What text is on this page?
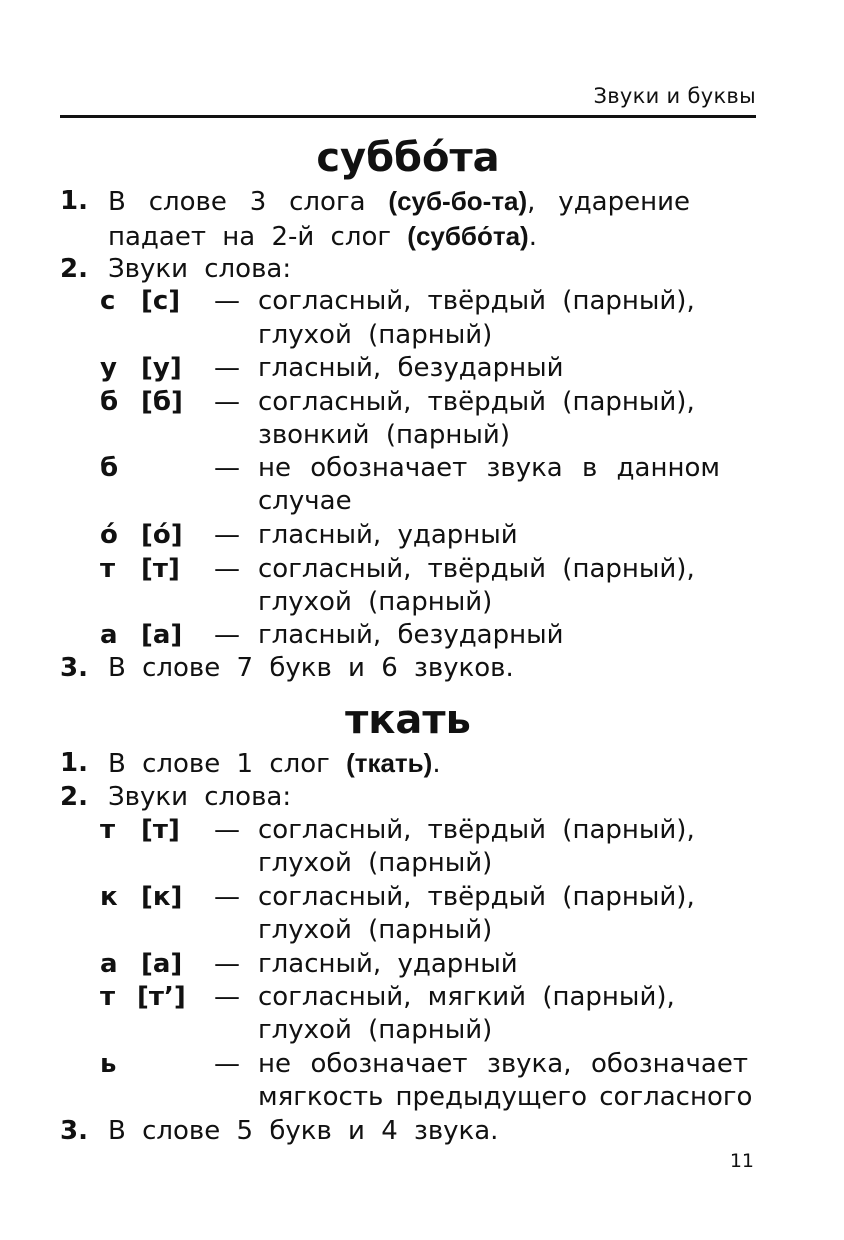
Звуки и буквы
суббо́та
1. В слове 3 слога (суб-бо-та), ударение
падает на 2-й слог (суббо́та).
2. Звуки слова:
с [с] — согласный, твёрдый (парный),
глухой (парный)
у [у] — гласный, безударный
б [б] — согласный, твёрдый (парный),
звонкий (парный)
б	— не обозначает звука в данном
случае
о́ [о́] — гласный, ударный
т [т] — согласный, твёрдый (парный),
глухой (парный)
а [а] — гласный, безударный
3. В слове 7 букв и 6 звуков.
ткать
1. В слове 1 слог (ткать).
2. Звуки слова:
т [т] — согласный, твёрдый (парный),
глухой (парный)
к [к] — согласный, твёрдый (парный),
глухой (парный)
а [а] — гласный, ударный
т [т’] — согласный, мягкий (парный),
глухой (парный)
ь	— не обозначает звука, обозначает
мягкость предыдущего согласного
3. В слове 5 букв и 4 звука.
11
